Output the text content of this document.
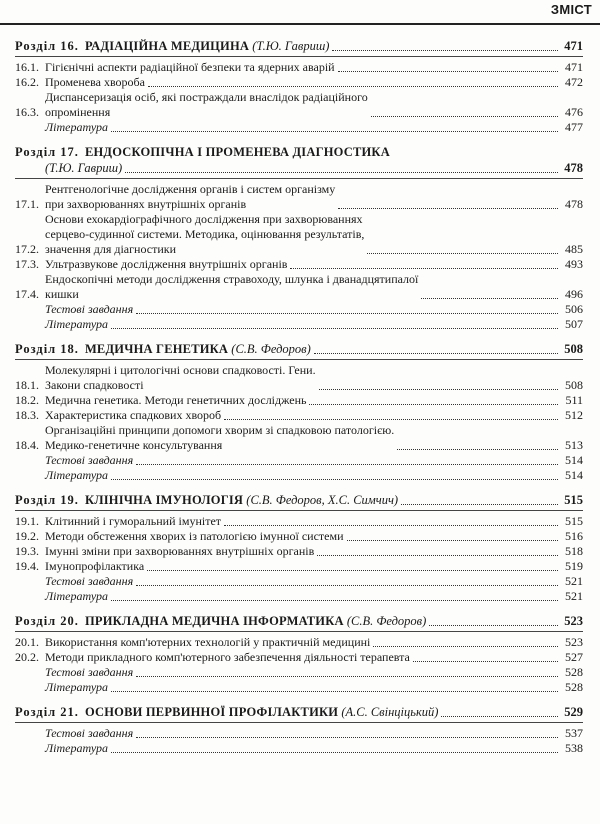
ЗМІСТ
Розділ 16. РАДІАЦІЙНА МЕДИЦИНА (Т.Ю. Гавриш)	471
16.1. Гігієнічні аспекти радіаційної безпеки та ядерних аварій	471
16.2. Променева хвороба	472
16.3.
Диспансеризація осіб, які постраждали внаслідок радіаційного
опромінення	476
Література	477
Розділ 17. ЕНДОСКОПІЧНА І ПРОМЕНЕВА ДІАГНОСТИКА
(Т.Ю. Гавриш)	478
17.1.
Рентгенологічне дослідження органів і систем організму
при захворюваннях внутрішніх органів	478
17.2.
Основи ехокардіографічного дослідження при захворюваннях
серцево-судинної системи. Методика, оцінювання результатів,
значення для діагностики	485
17.3. Ультразвукове дослідження внутрішніх органів	493
17.4.
Ендоскопічні методи дослідження стравоходу, шлунка і дванадцятипалої
кишки	496
Тестові завдання	506
Література	507
Розділ 18. МЕДИЧНА ГЕНЕТИКА (С.В. Федоров)	508
18.1.
Молекулярні і цитологічні основи спадковості. Гени.
Закони спадковості	508
18.2. Медична генетика. Методи генетичних досліджень	511
18.3. Характеристика спадкових хвороб	512
18.4.
Організаційні принципи допомоги хворим зі спадковою патологією.
Медико-генетичне консультування	513
Тестові завдання	514
Література	514
Розділ 19. КЛІНІЧНА ІМУНОЛОГІЯ (С.В. Федоров, Х.С. Симчич)	515
19.1. Клітинний і гуморальний імунітет	515
19.2. Методи обстеження хворих із патологією імунної системи	516
19.3. Імунні зміни при захворюваннях внутрішніх органів	518
19.4. Імунопрофілактика	519
Тестові завдання	521
Література	521
Розділ 20. ПРИКЛАДНА МЕДИЧНА ІНФОРМАТИКА (С.В. Федоров)	523
20.1. Використання комп'ютерних технологій у практичній медицині	523
20.2. Методи прикладного комп'ютерного забезпечення діяльності терапевта	527
Тестові завдання	528
Література	528
Розділ 21. ОСНОВИ ПЕРВИННОЇ ПРОФІЛАКТИКИ (А.С. Свінціцький)	529
Тестові завдання	537
Література	538
